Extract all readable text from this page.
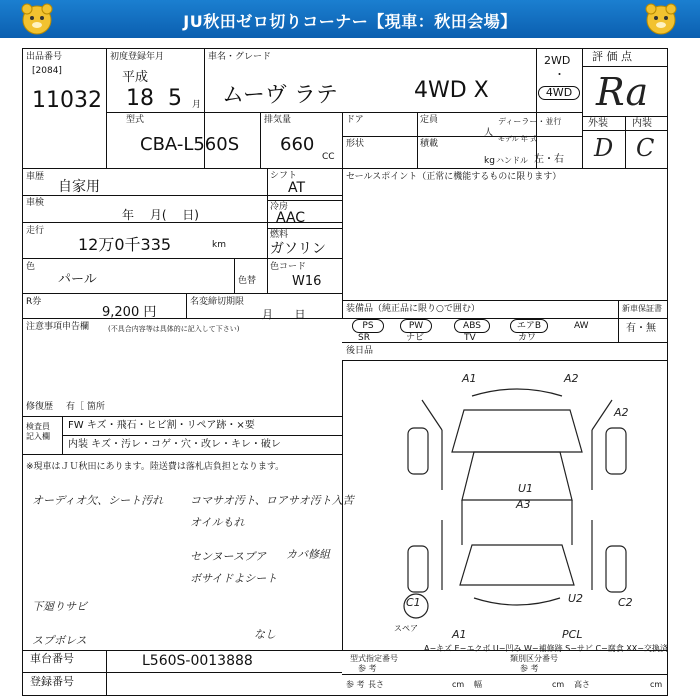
JU秋田ゼロ切りコーナー【現車：秋田会場】
出品番号
[2084]
11032
初度登録年月
平成
18 5 月
車名・グレード
ムーヴ ラテ	4WD X
2WD
・
4WD
評 価 点
Ra
外装 内装
D C
型式
CBA-L560S
排気量
660
CC
ドア	定員
人
ディーラー・並行
モデル 年 式
形状	積載
kg ハンドル 左・右
車歴
自家用
車検
年 月( 日)
走行
12万0千335	km
色
パール	色替
R券
9,200 円
名変締切期限
月 日
シフト
AT
冷房
AAC
燃料
ガソリン
色コード
W16
セールスポイント（正常に機能するものに限ります）
装備品（純正品に限り○で囲む）	新車保証書
PS	PW	ABS	エアB	AW
SR	ナビ	TV	カワ
有・無
後日品
注意事項申告欄	(不具合内容等は具体的に記入して下さい)
修復歴 有［ 箇所
検査員
記入欄
FW キズ・飛石・ヒビ割・リペア跡・×要
内装 キズ・汚レ・コゲ・穴・改レ・キレ・破レ
※現車はＪＵ秋田にあります。陸送費は落札店負担となります。
オーディオ欠、シート汚れ コマサオ汚ト、ロアサオ汚ト入苦
オイルもれ
センヌースブア カバ修組
ボサイドよシート
下廻りサビ
スプボレス	なし
A1	A2
A2
U1
A3
C1	U2	C2
A1	PCL
スペア
A−キズ E−エクボ U−凹み W−補修跡 S−サビ C−腐食 XX−交換済
車台番号	L560S-0013888
登録番号
型式指定番号
参 考
類別区分番号
参 考
参 考 長さ	cm 幅	cm 高さ	cm
